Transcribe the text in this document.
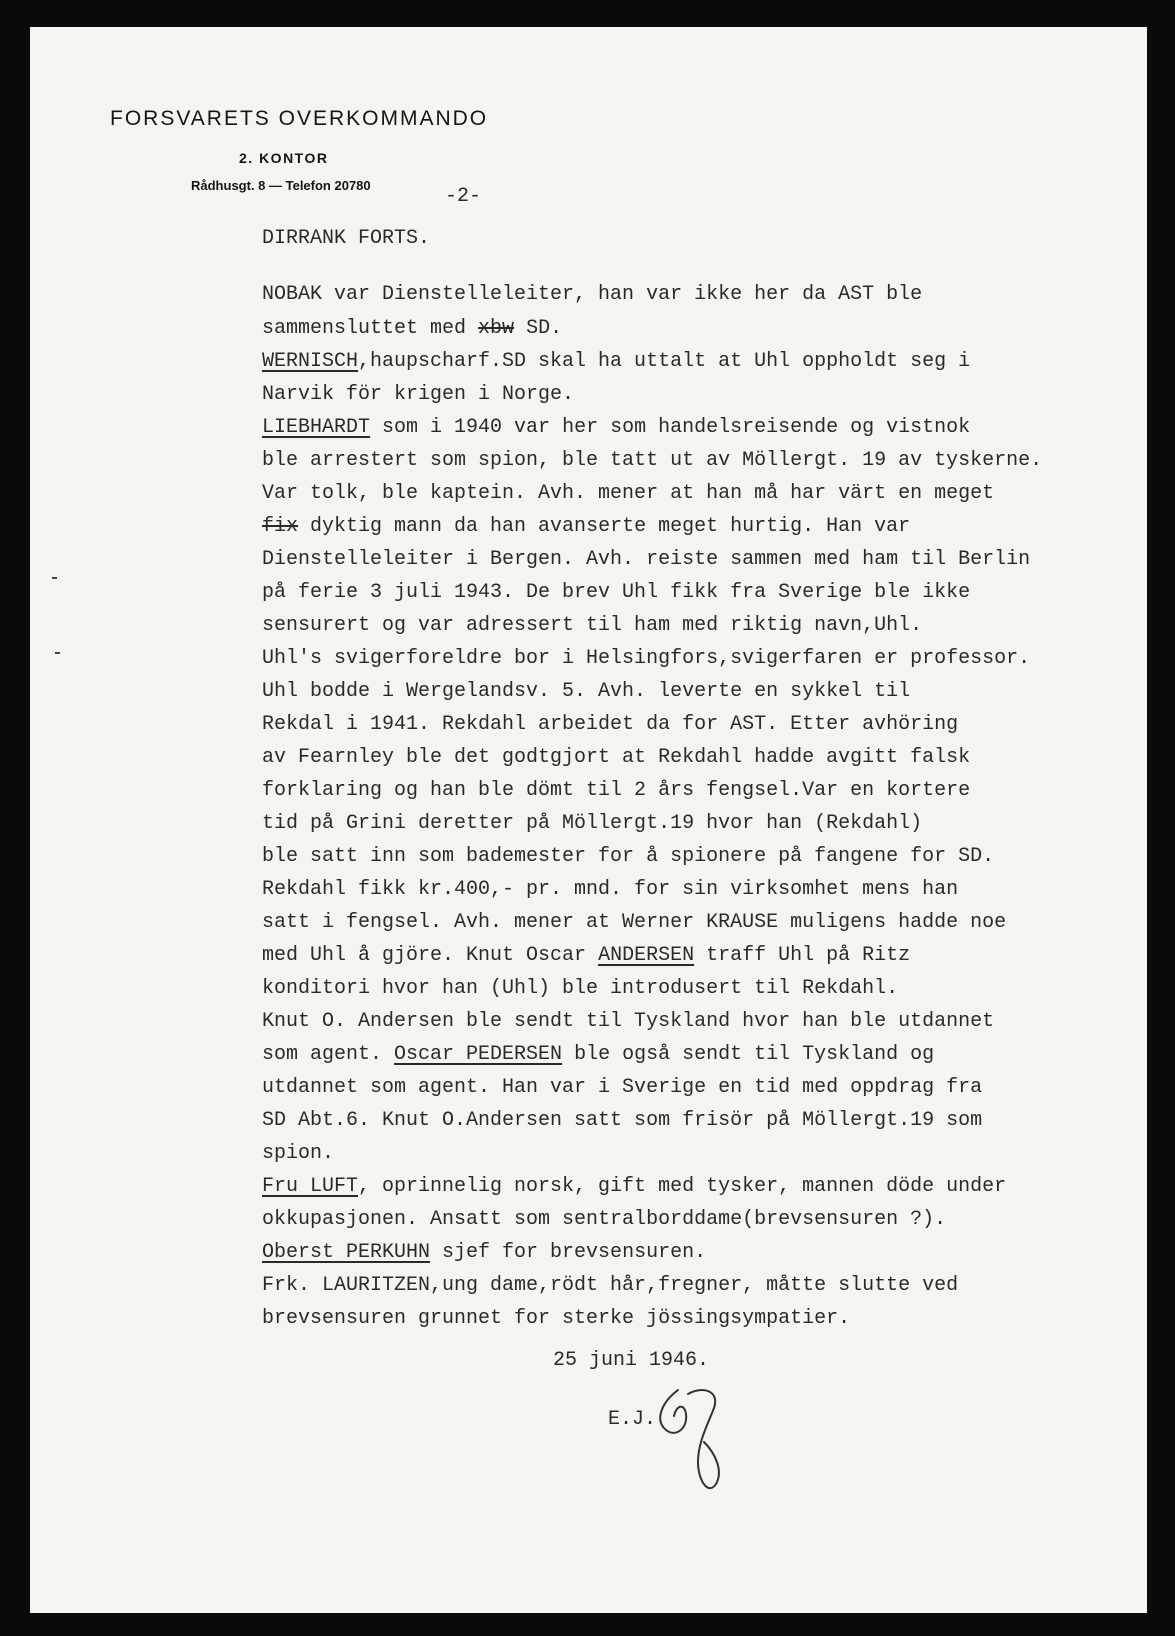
FORSVARETS OVERKOMMANDO
2. KONTOR
Rådhusgt. 8 — Telefon 20780	-2-
DIRRANK FORTS.
NOBAK var Dienstelleleiter, han var ikke her da AST ble
sammensluttet med xbw SD.
WERNISCH,haupscharf.SD skal ha uttalt at Uhl oppholdt seg i
Narvik för krigen i Norge.
LIEBHARDT som i 1940 var her som handelsreisende og vistnok
ble arrestert som spion, ble tatt ut av Möllergt. 19 av tyskerne.
Var tolk, ble kaptein. Avh. mener at han må har värt en meget
fix dyktig mann da han avanserte meget hurtig. Han var
Dienstelleleiter i Bergen. Avh. reiste sammen med ham til Berlin
på ferie 3 juli 1943. De brev Uhl fikk fra Sverige ble ikke
sensurert og var adressert til ham med riktig navn,Uhl.
Uhl's svigerforeldre bor i Helsingfors,svigerfaren er professor.
Uhl bodde i Wergelandsv. 5. Avh. leverte en sykkel til
Rekdal i 1941. Rekdahl arbeidet da for AST. Etter avhöring
av Fearnley ble det godtgjort at Rekdahl hadde avgitt falsk
forklaring og han ble dömt til 2 års fengsel.Var en kortere
tid på Grini deretter på Möllergt.19 hvor han (Rekdahl)
ble satt inn som bademester for å spionere på fangene for SD.
Rekdahl fikk kr.400,- pr. mnd. for sin virksomhet mens han
satt i fengsel. Avh. mener at Werner KRAUSE muligens hadde noe
med Uhl å gjöre. Knut Oscar ANDERSEN traff Uhl på Ritz
konditori hvor han (Uhl) ble introdusert til Rekdahl.
Knut O. Andersen ble sendt til Tyskland hvor han ble utdannet
som agent. Oscar PEDERSEN ble også sendt til Tyskland og
utdannet som agent. Han var i Sverige en tid med oppdrag fra
SD Abt.6. Knut O.Andersen satt som frisör på Möllergt.19 som
spion.
Fru LUFT, oprinnelig norsk, gift med tysker, mannen döde under
okkupasjonen. Ansatt som sentralborddame(brevsensuren ?).
Oberst PERKUHN sjef for brevsensuren.
Frk. LAURITZEN,ung dame,rödt hår,fregner, måtte slutte ved
brevsensuren grunnet for sterke jössingsympatier.
25 juni 1946.
E.J.
